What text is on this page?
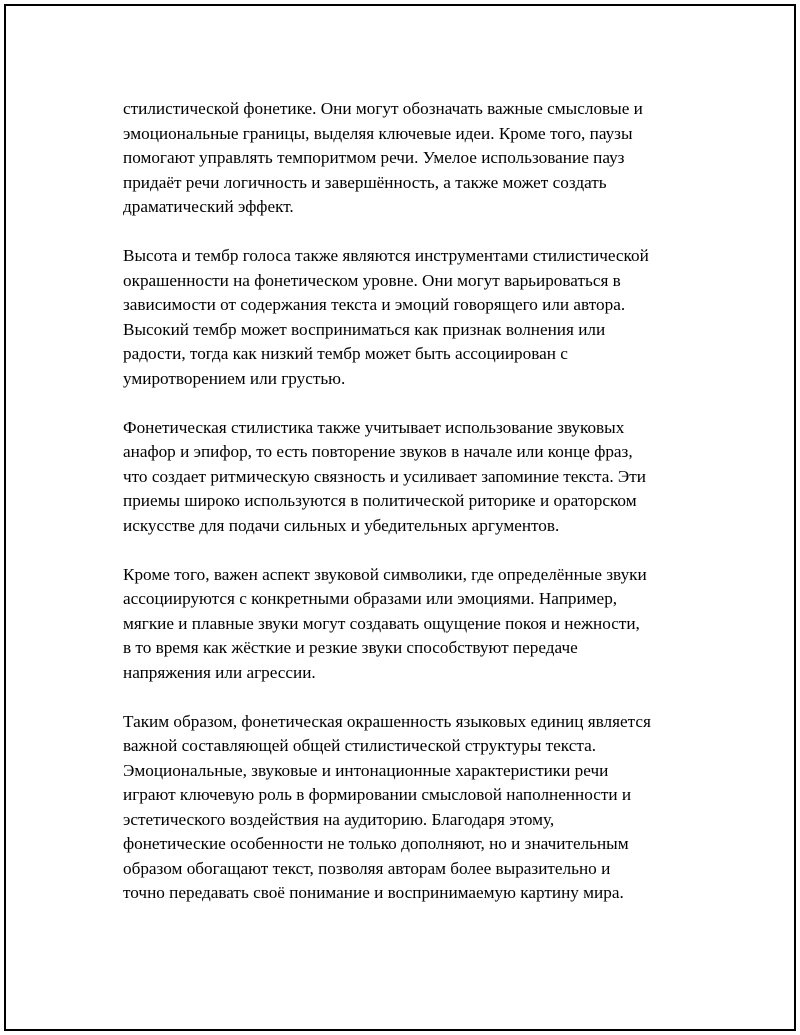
стилистической фонетике. Они могут обозначать важные смысловые и
эмоциональные границы, выделяя ключевые идеи. Кроме того, паузы
помогают управлять темпоритмом речи. Умелое использование пауз
придаёт речи логичность и завершённость, а также может создать
драматический эффект.

Высота и тембр голоса также являются инструментами стилистической
окрашенности на фонетическом уровне. Они могут варьироваться в
зависимости от содержания текста и эмоций говорящего или автора.
Высокий тембр может восприниматься как признак волнения или
радости, тогда как низкий тембр может быть ассоциирован с
умиротворением или грустью.

Фонетическая стилистика также учитывает использование звуковых
анафор и эпифор, то есть повторение звуков в начале или конце фраз,
что создает ритмическую связность и усиливает запоминие текста. Эти
приемы широко используются в политической риторике и ораторском
искусстве для подачи сильных и убедительных аргументов.

Кроме того, важен аспект звуковой символики, где определённые звуки
ассоциируются с конкретными образами или эмоциями. Например,
мягкие и плавные звуки могут создавать ощущение покоя и нежности,
в то время как жёсткие и резкие звуки способствуют передаче
напряжения или агрессии.

Таким образом, фонетическая окрашенность языковых единиц является
важной составляющей общей стилистической структуры текста.
Эмоциональные, звуковые и интонационные характеристики речи
играют ключевую роль в формировании смысловой наполненности и
эстетического воздействия на аудиторию. Благодаря этому,
фонетические особенности не только дополняют, но и значительным
образом обогащают текст, позволяя авторам более выразительно и
точно передавать своё понимание и воспринимаемую картину мира.
